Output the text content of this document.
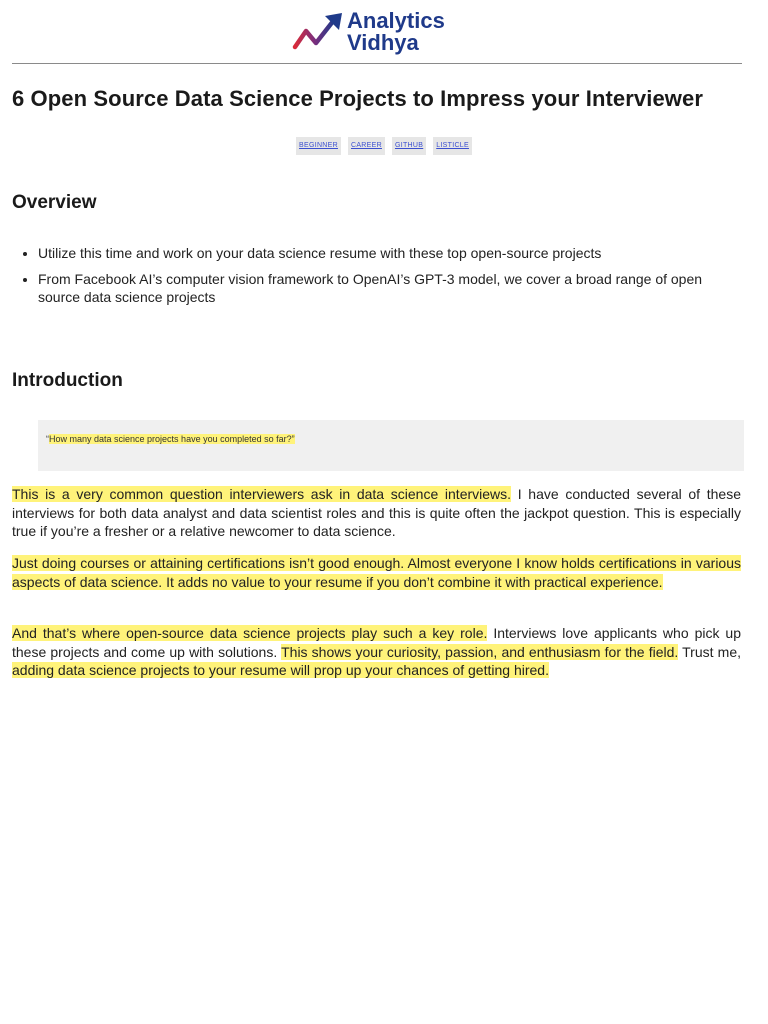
Analytics
Vidhya
6 Open Source Data Science Projects to Impress your Interviewer
BEGINNER	CAREER	GITHUB	LISTICLE
Overview
• Utilize this time and work on your data science resume with these top open-source projects
• From Facebook AI’s computer vision framework to OpenAI’s GPT-3 model, we cover a broad range of open source data science projects
Introduction
“How many data science projects have you completed so far?”

This is a very common question interviewers ask in data science interviews. I have conducted several of these interviews for both data analyst and data scientist roles and this is quite often the jackpot question. This is especially true if you’re a fresher or a relative newcomer to data science.

Just doing courses or attaining certifications isn’t good enough. Almost everyone I know holds certifications in various aspects of data science. It adds no value to your resume if you don’t combine it with practical experience.

And that’s where open-source data science projects play such a key role. Interviews love applicants who pick up these projects and come up with solutions. This shows your curiosity, passion, and enthusiasm for the field. Trust me, adding data science projects to your resume will prop up your chances of getting hired.
